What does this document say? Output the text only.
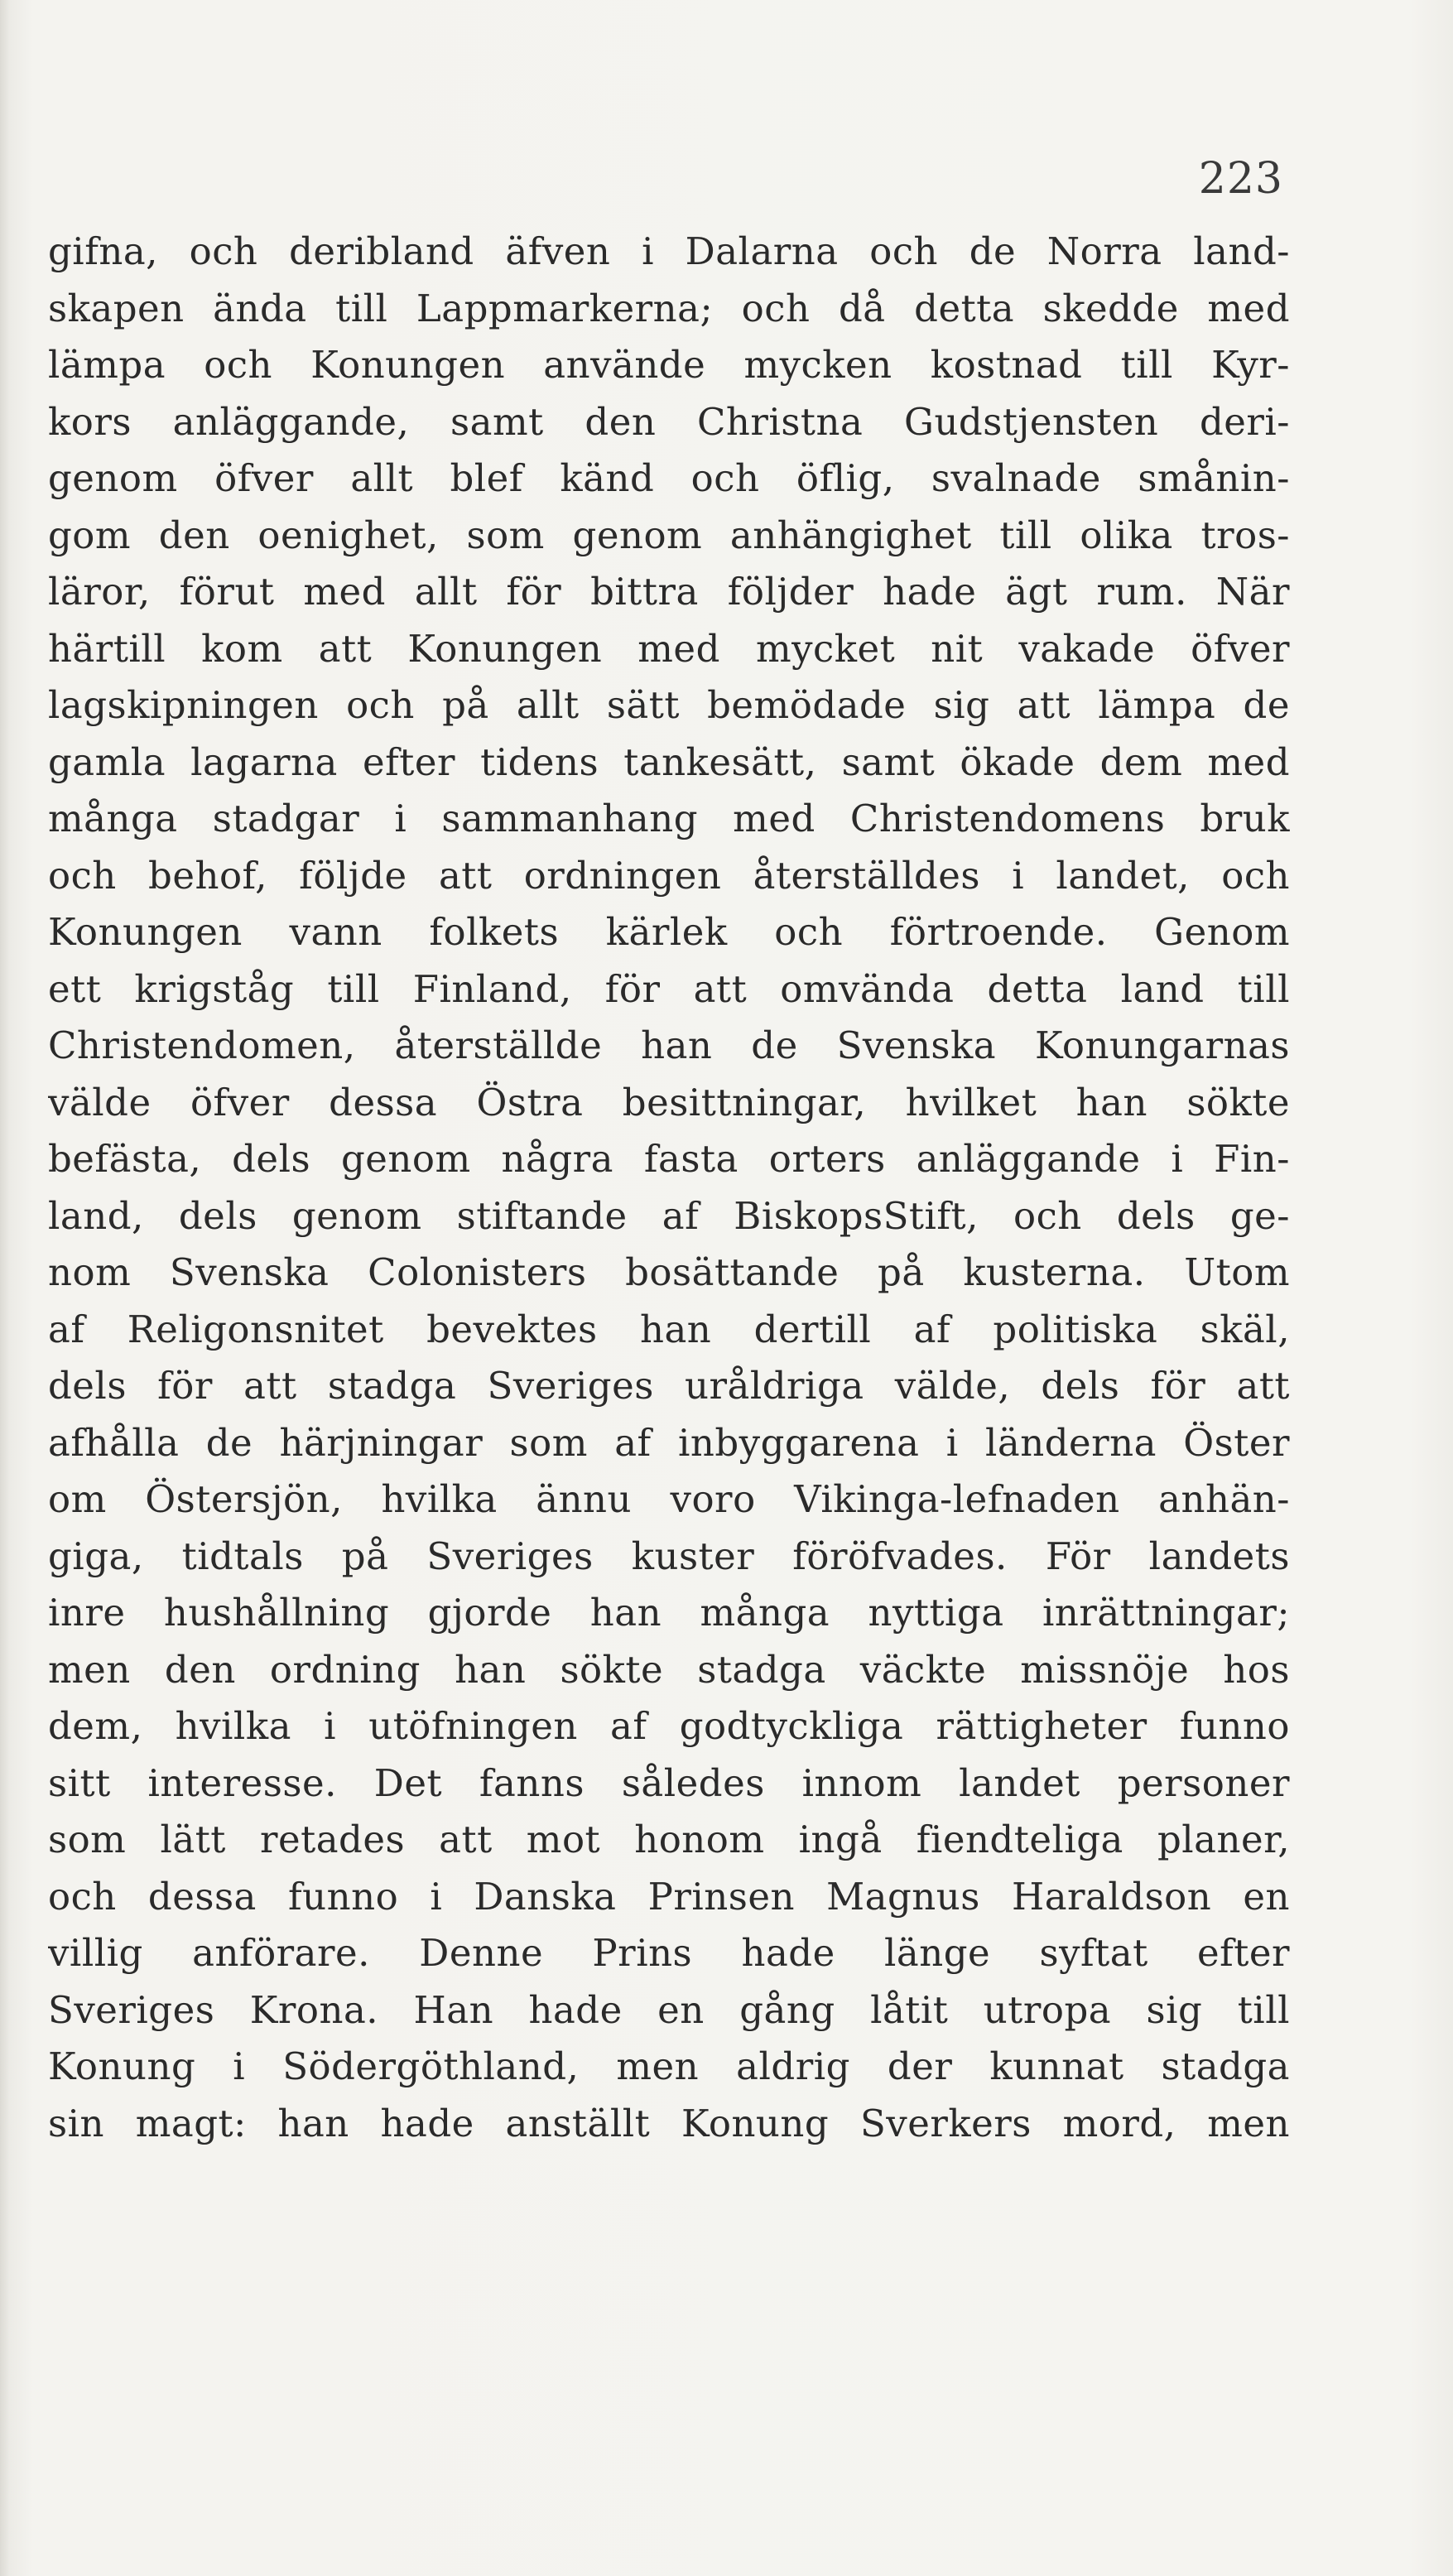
223
gifna, och deribland äfven i Dalarna och de Norra land-
skapen ända till Lappmarkerna; och då detta skedde med
lämpa och Konungen använde mycken kostnad till Kyr-
kors anläggande, samt den Christna Gudstjensten deri-
genom öfver allt blef känd och öflig, svalnade smånin-
gom den oenighet, som genom anhängighet till olika tros-
läror, förut med allt för bittra följder hade ägt rum. När
härtill kom att Konungen med mycket nit vakade öfver
lagskipningen och på allt sätt bemödade sig att lämpa de
gamla lagarna efter tidens tankesätt, samt ökade dem med
många stadgar i sammanhang med Christendomens bruk
och behof, följde att ordningen återställdes i landet, och
Konungen vann folkets kärlek och förtroende. Genom
ett krigståg till Finland, för att omvända detta land till
Christendomen, återställde han de Svenska Konungarnas
välde öfver dessa Östra besittningar, hvilket han sökte
befästa, dels genom några fasta orters anläggande i Fin-
land, dels genom stiftande af BiskopsStift, och dels ge-
nom Svenska Colonisters bosättande på kusterna. Utom
af Religonsnitet bevektes han dertill af politiska skäl,
dels för att stadga Sveriges uråldriga välde, dels för att
afhålla de härjningar som af inbyggarena i länderna Öster
om Östersjön, hvilka ännu voro Vikinga-lefnaden anhän-
giga, tidtals på Sveriges kuster föröfvades. För landets
inre hushållning gjorde han många nyttiga inrättningar;
men den ordning han sökte stadga väckte missnöje hos
dem, hvilka i utöfningen af godtyckliga rättigheter funno
sitt interesse. Det fanns således innom landet personer
som lätt retades att mot honom ingå fiendteliga planer,
och dessa funno i Danska Prinsen Magnus Haraldson en
villig anförare. Denne Prins hade länge syftat efter
Sveriges Krona. Han hade en gång låtit utropa sig till
Konung i Södergöthland, men aldrig der kunnat stadga
sin magt: han hade anställt Konung Sverkers mord, men
